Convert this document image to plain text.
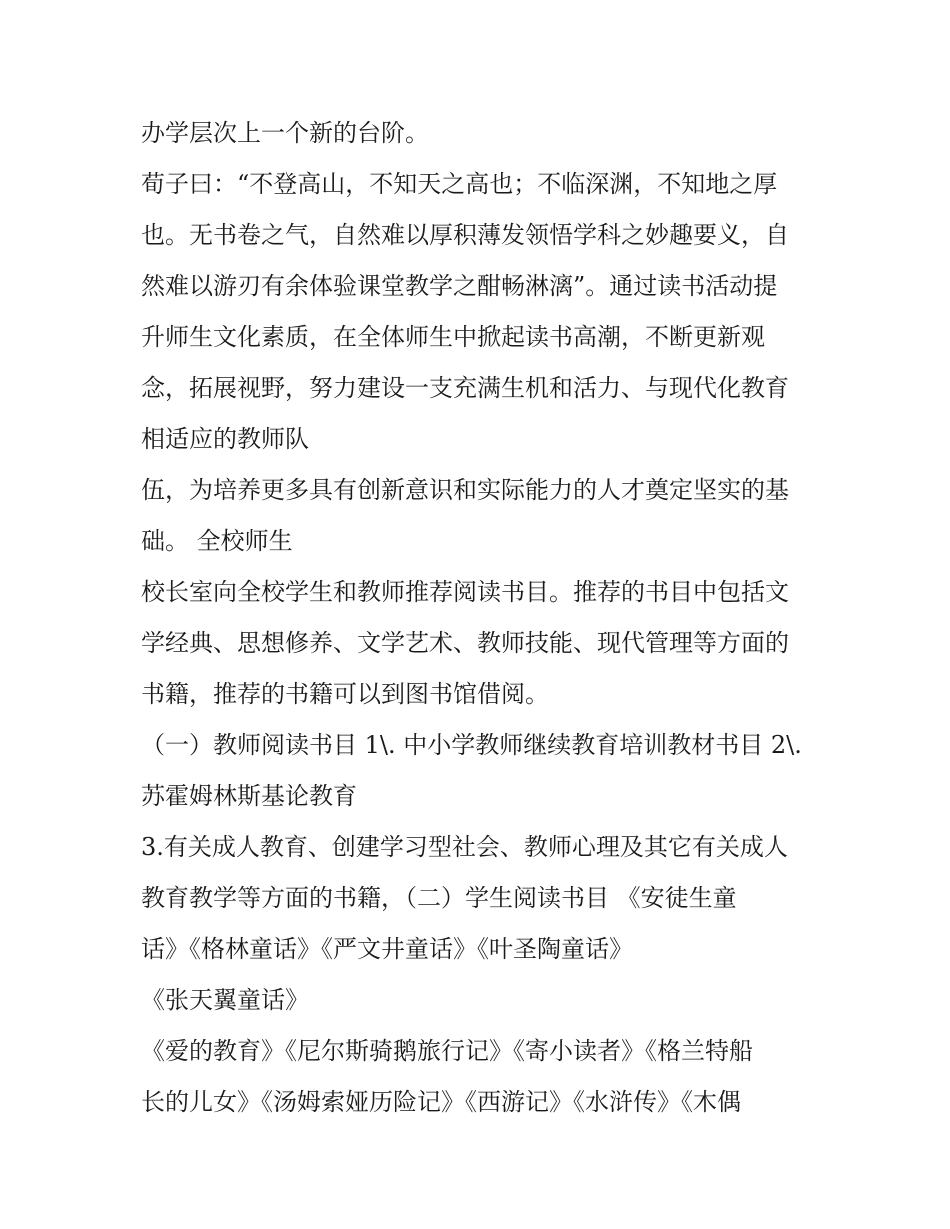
办学层次上一个新的台阶。
荀子曰：“不登高山，不知天之高也；不临深渊，不知地之厚
也。无书卷之气，自然难以厚积薄发领悟学科之妙趣要义，自
然难以游刃有余体验课堂教学之酣畅淋漓”。通过读书活动提
升师生文化素质，在全体师生中掀起读书高潮，不断更新观
念，拓展视野，努力建设一支充满生机和活力、与现代化教育
相适应的教师队
伍，为培养更多具有创新意识和实际能力的人才奠定坚实的基
础。 全校师生
校长室向全校学生和教师推荐阅读书目。推荐的书目中包括文
学经典、思想修养、文学艺术、教师技能、现代管理等方面的
书籍，推荐的书籍可以到图书馆借阅。
（一）教师阅读书目 1\. 中小学教师继续教育培训教材书目 2\.
苏霍姆林斯基论教育
3.有关成人教育、创建学习型社会、教师心理及其它有关成人
教育教学等方面的书籍，（二）学生阅读书目 《安徒生童
话》《格林童话》《严文井童话》《叶圣陶童话》
《张天翼童话》
《爱的教育》《尼尔斯骑鹅旅行记》《寄小读者》《格兰特船
长的儿女》《汤姆索娅历险记》《西游记》《水浒传》《木偶
